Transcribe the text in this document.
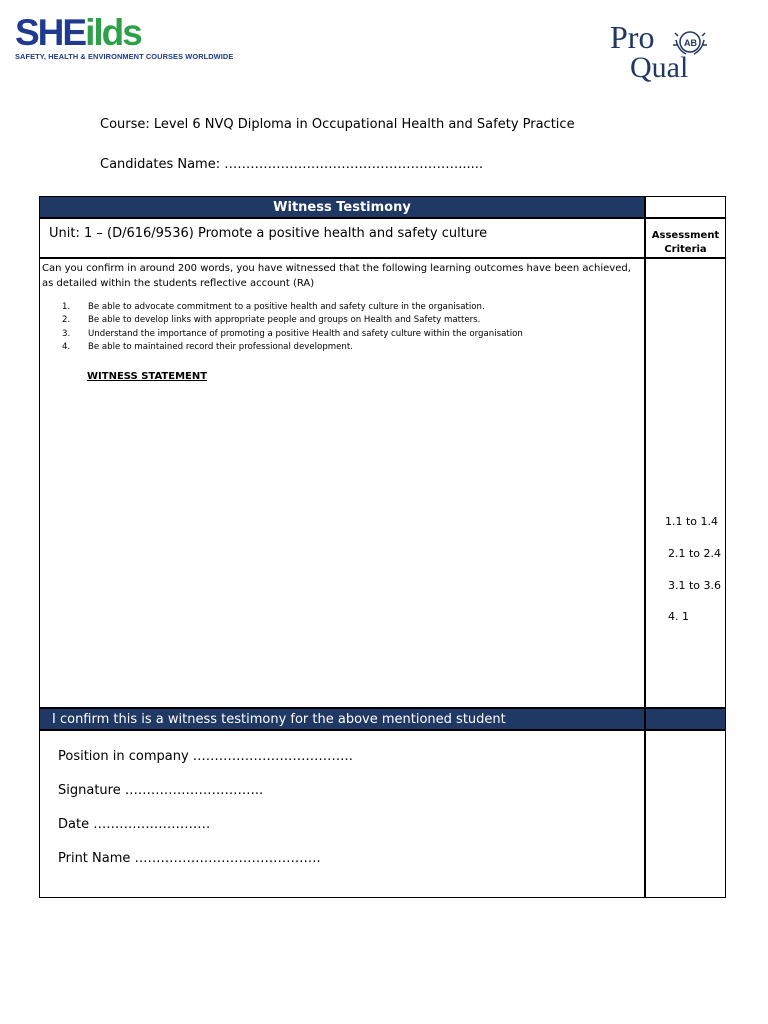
SHEilds
SAFETY, HEALTH & ENVIRONMENT COURSES WORLDWIDE
Pro
Qual
AB
Course: Level 6 NVQ Diploma in Occupational Health and Safety Practice
Candidates Name: ………………………………………………......
Witness Testimony
Unit: 1 – (D/616/9536) Promote a positive health and safety culture	Assessment Criteria
Can you confirm in around 200 words, you have witnessed that the following learning outcomes have been achieved, as detailed within the students reflective account (RA)
1.	Be able to advocate commitment to a positive health and safety culture in the organisation.
2.	Be able to develop links with appropriate people and groups on Health and Safety matters.
3.	Understand the importance of promoting a positive Health and safety culture within the organisation
4.	Be able to maintained record their professional development.
WITNESS STATEMENT
1.1 to 1.4
2.1 to 2.4
3.1 to 3.6
4. 1
I confirm this is a witness testimony for the above mentioned student
Position in company ……………………………….
Signature …………………………..
Date ………………………
Print Name …………………………………….
